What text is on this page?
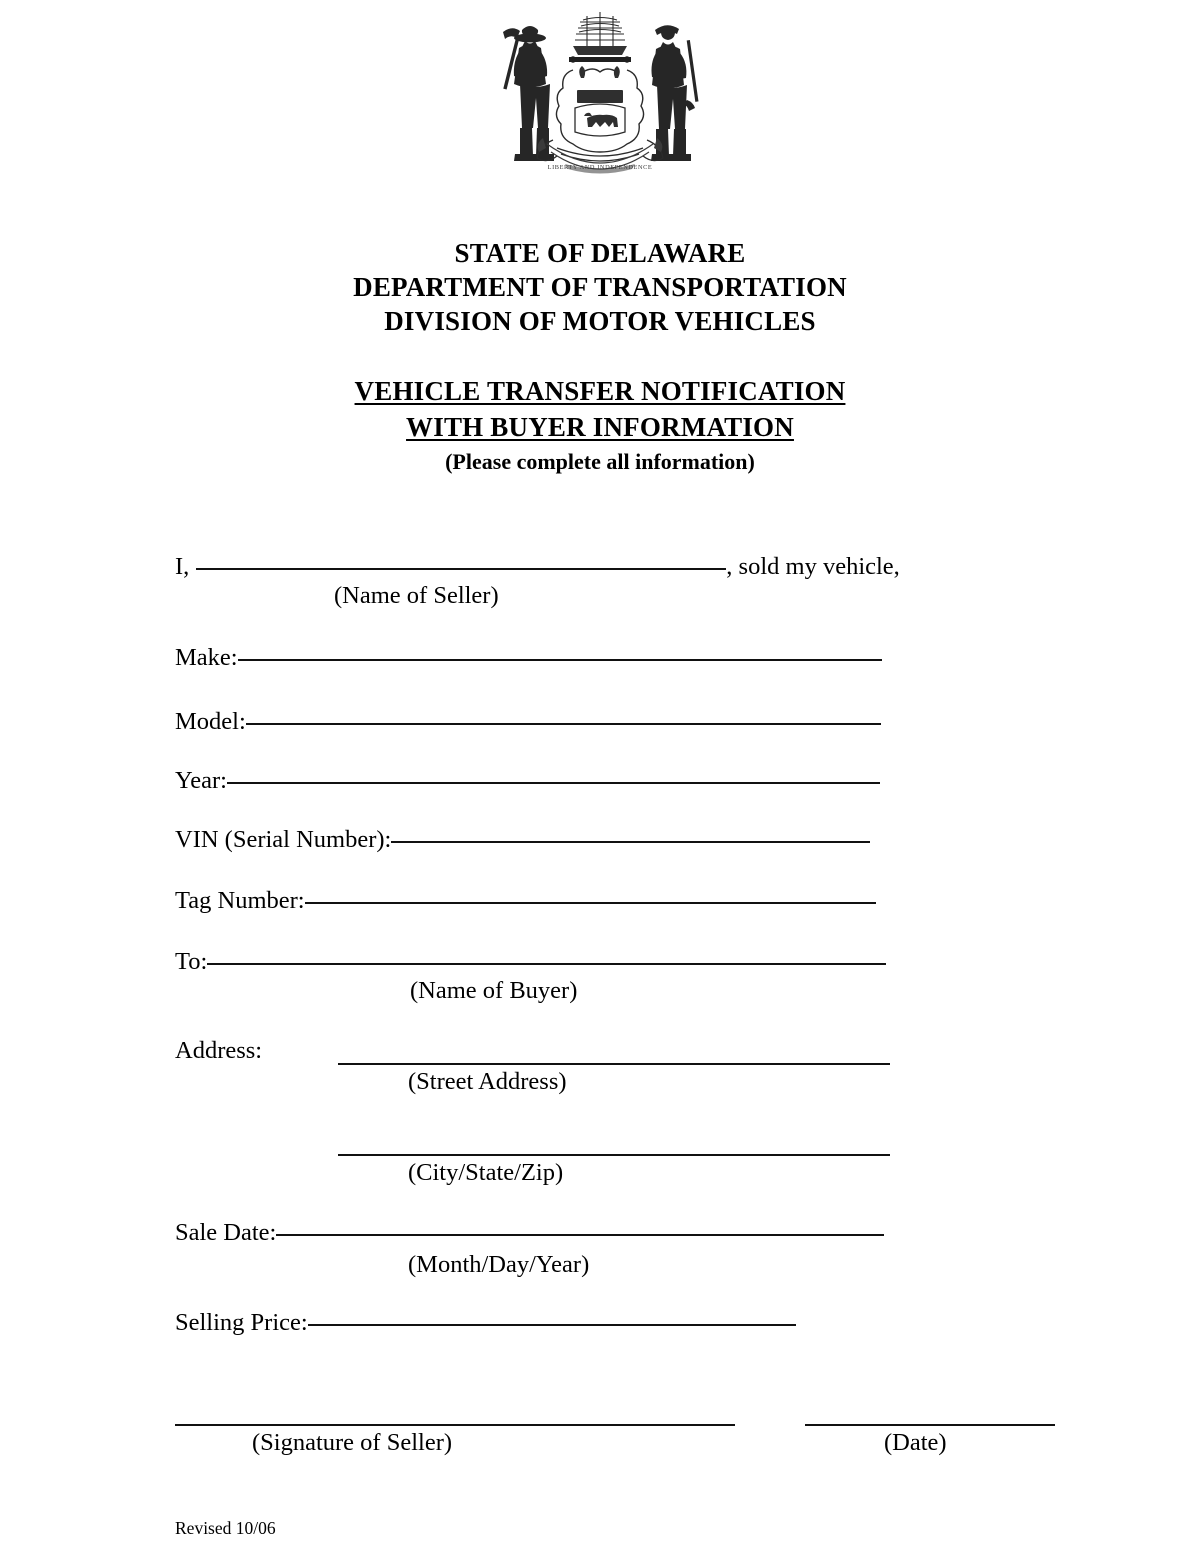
LIBERTY AND INDEPENDENCE
STATE OF DELAWARE
DEPARTMENT OF TRANSPORTATION
DIVISION OF MOTOR VEHICLES
VEHICLE TRANSFER NOTIFICATION
WITH BUYER INFORMATION
(Please complete all information)
I,	, sold my vehicle,
(Name of Seller)
Make:
Model:
Year:
VIN (Serial Number):
Tag Number:
To:
(Name of Buyer)
Address:
(Street Address)
(City/State/Zip)
Sale Date:
(Month/Day/Year)
Selling Price:
(Signature of Seller)	(Date)
Revised 10/06
